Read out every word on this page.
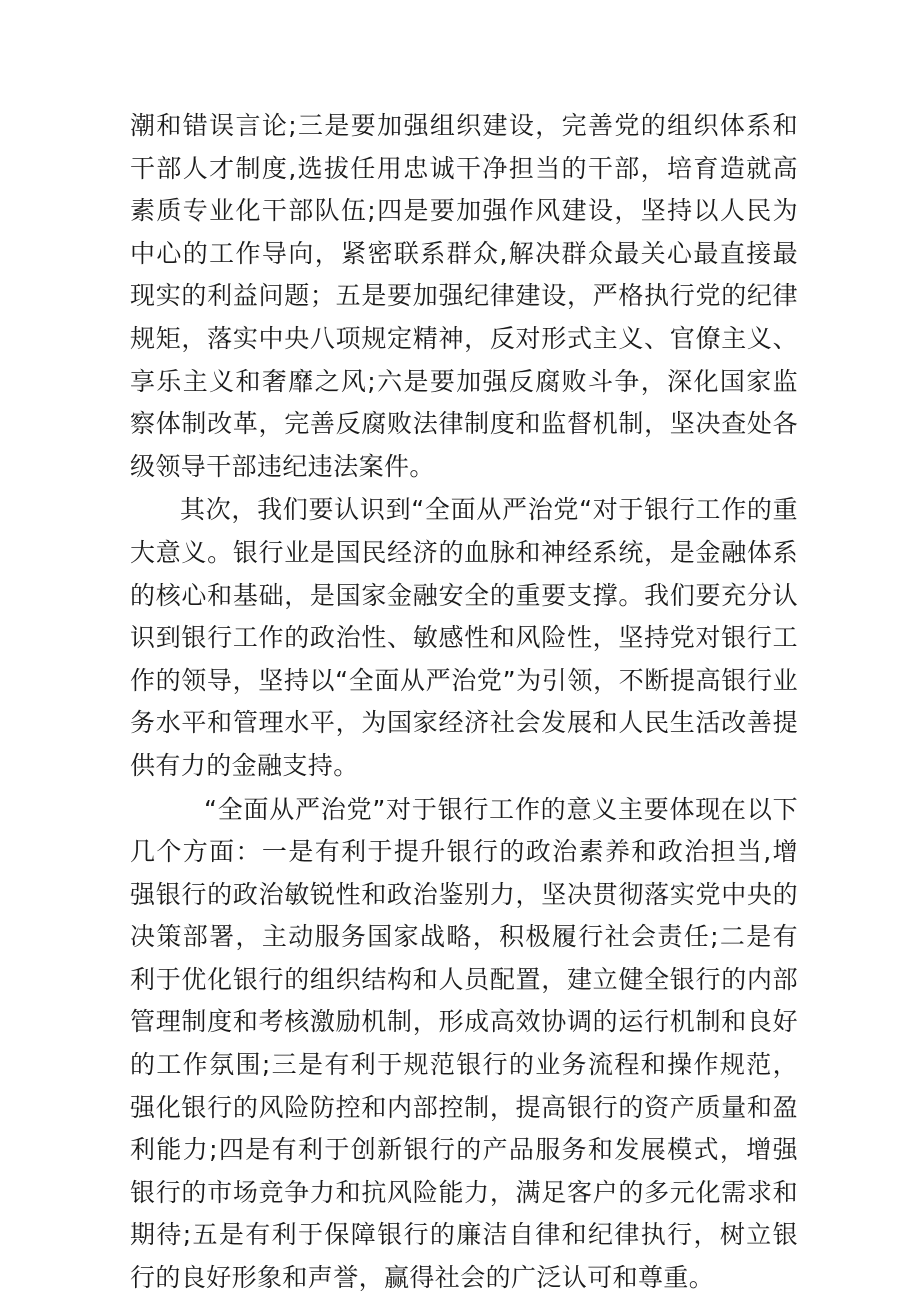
潮和错误言论;三是要加强组织建设，完善党的组织体系和干部人才制度,选拔任用忠诚干净担当的干部，培育造就高素质专业化干部队伍;四是要加强作风建设，坚持以人民为中心的工作导向，紧密联系群众,解决群众最关心最直接最现实的利益问题；五是要加强纪律建设，严格执行党的纪律规矩，落实中央八项规定精神，反对形式主义、官僚主义、享乐主义和奢靡之风;六是要加强反腐败斗争，深化国家监察体制改革，完善反腐败法律制度和监督机制，坚决查处各级领导干部违纪违法案件。

其次，我们要认识到“全面从严治党“对于银行工作的重大意义。银行业是国民经济的血脉和神经系统，是金融体系的核心和基础，是国家金融安全的重要支撑。我们要充分认识到银行工作的政治性、敏感性和风险性，坚持党对银行工作的领导，坚持以“全面从严治党”为引领，不断提高银行业务水平和管理水平，为国家经济社会发展和人民生活改善提供有力的金融支持。

“全面从严治党”对于银行工作的意义主要体现在以下几个方面：一是有利于提升银行的政治素养和政治担当,增强银行的政治敏锐性和政治鉴别力，坚决贯彻落实党中央的决策部署，主动服务国家战略，积极履行社会责任;二是有利于优化银行的组织结构和人员配置，建立健全银行的内部管理制度和考核激励机制，形成高效协调的运行机制和良好的工作氛围;三是有利于规范银行的业务流程和操作规范，强化银行的风险防控和内部控制，提高银行的资产质量和盈利能力;四是有利于创新银行的产品服务和发展模式，增强银行的市场竞争力和抗风险能力，满足客户的多元化需求和期待;五是有利于保障银行的廉洁自律和纪律执行，树立银行的良好形象和声誉，赢得社会的广泛认可和尊重。
